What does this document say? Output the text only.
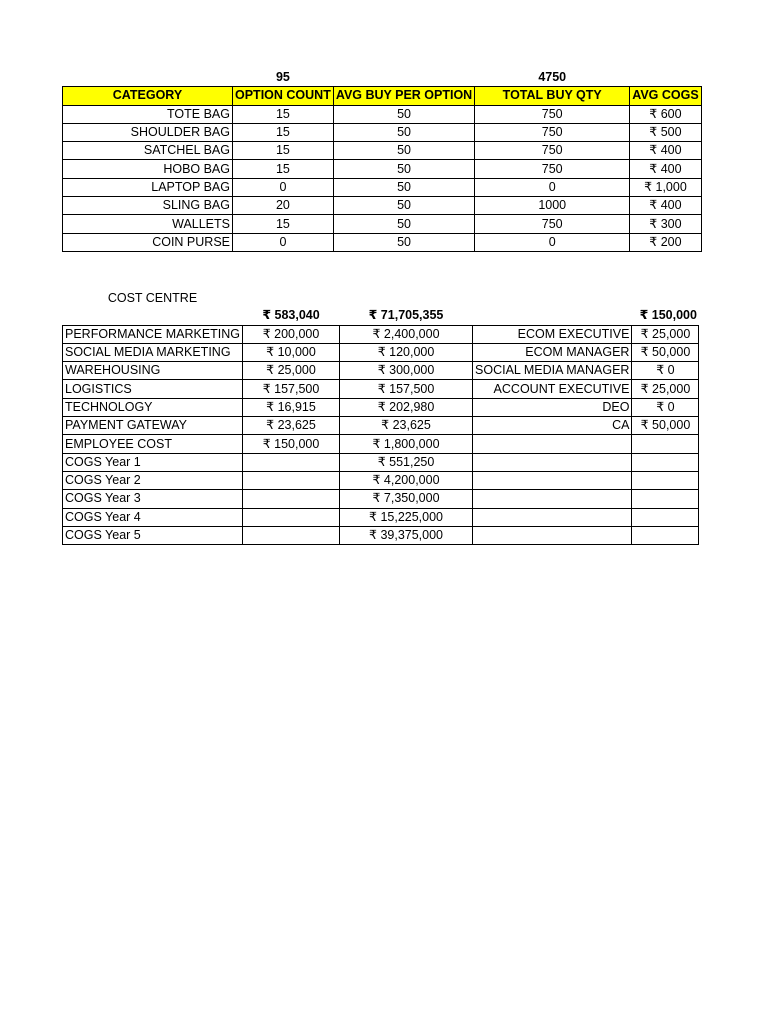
	95		4750	
CATEGORY	OPTION COUNT	AVG BUY PER OPTION	TOTAL BUY QTY	AVG COGS
TOTE BAG	15	50	750	₹ 600
SHOULDER BAG	15	50	750	₹ 500
SATCHEL BAG	15	50	750	₹ 400
HOBO BAG	15	50	750	₹ 400
LAPTOP BAG	0	50	0	₹ 1,000
SLING BAG	20	50	1000	₹ 400
WALLETS	15	50	750	₹ 300
COIN PURSE	0	50	0	₹ 200
COST CENTRE				
	₹ 583,040	₹ 71,705,355		₹ 150,000
PERFORMANCE MARKETING	₹ 200,000	₹ 2,400,000	ECOM EXECUTIVE	₹ 25,000
SOCIAL MEDIA MARKETING	₹ 10,000	₹ 120,000	ECOM MANAGER	₹ 50,000
WAREHOUSING	₹ 25,000	₹ 300,000	SOCIAL MEDIA MANAGER	₹ 0
LOGISTICS	₹ 157,500	₹ 157,500	ACCOUNT EXECUTIVE	₹ 25,000
TECHNOLOGY	₹ 16,915	₹ 202,980	DEO	₹ 0
PAYMENT GATEWAY	₹ 23,625	₹ 23,625	CA	₹ 50,000
EMPLOYEE COST	₹ 150,000	₹ 1,800,000		
COGS Year 1		₹ 551,250		
COGS Year 2		₹ 4,200,000		
COGS Year 3		₹ 7,350,000		
COGS Year 4		₹ 15,225,000		
COGS Year 5		₹ 39,375,000		
